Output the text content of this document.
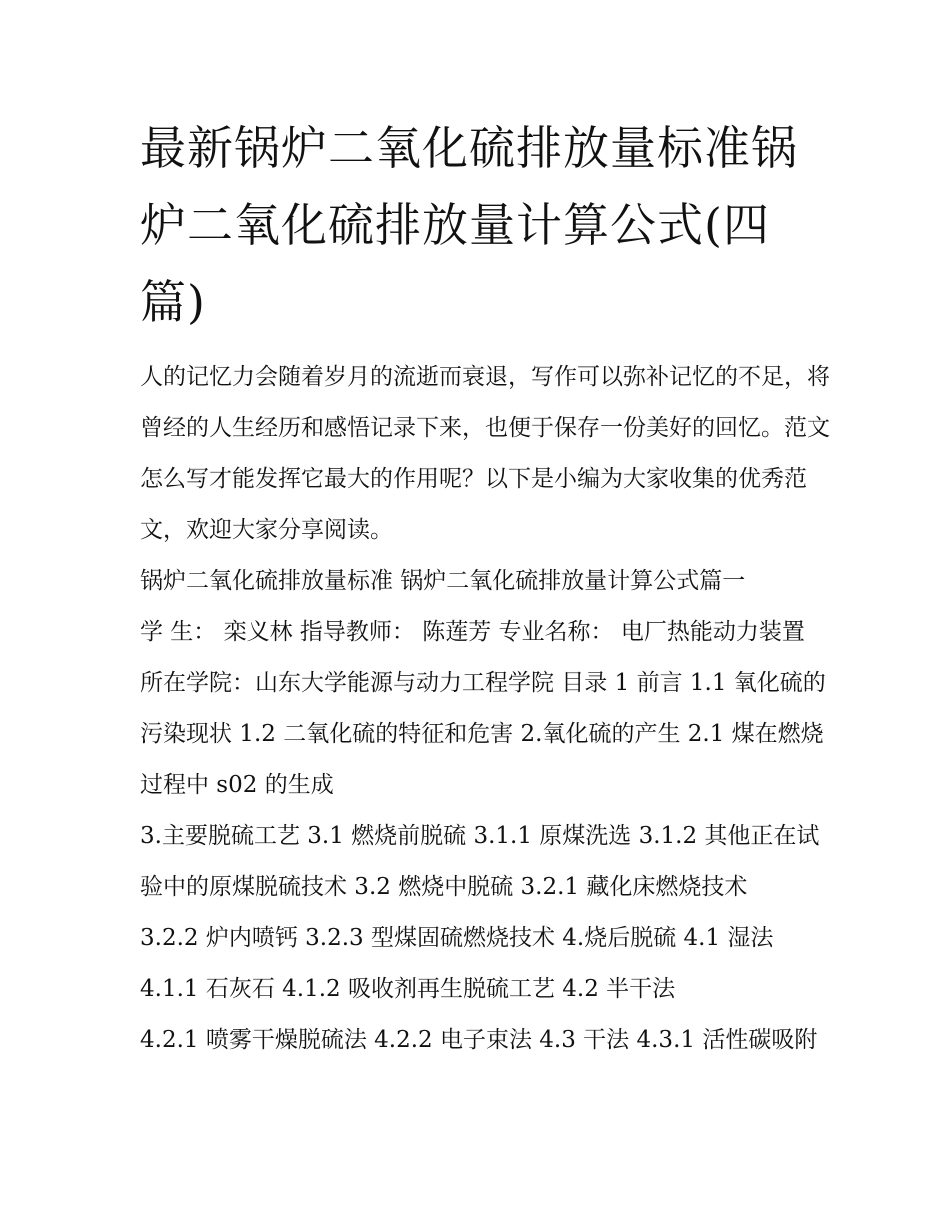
最新锅炉二氧化硫排放量标准锅炉二氧化硫排放量计算公式(四篇)

人的记忆力会随着岁月的流逝而衰退，写作可以弥补记忆的不足，将曾经的人生经历和感悟记录下来，也便于保存一份美好的回忆。范文怎么写才能发挥它最大的作用呢？以下是小编为大家收集的优秀范文，欢迎大家分享阅读。

锅炉二氧化硫排放量标准 锅炉二氧化硫排放量计算公式篇一

学 生： 栾义林 指导教师： 陈莲芳 专业名称： 电厂热能动力装置

所在学院：山东大学能源与动力工程学院 目录 1 前言 1.1 氧化硫的污染现状 1.2 二氧化硫的特征和危害 2.氧化硫的产生 2.1 煤在燃烧过程中 s02 的生成

3.主要脱硫工艺 3.1 燃烧前脱硫 3.1.1 原煤洗选 3.1.2 其他正在试验中的原煤脱硫技术 3.2 燃烧中脱硫 3.2.1 藏化床燃烧技术

3.2.2 炉内喷钙 3.2.3 型煤固硫燃烧技术 4.烧后脱硫 4.1 湿法 4.1.1 石灰石 4.1.2 吸收剂再生脱硫工艺 4.2 半干法

4.2.1 喷雾干燥脱硫法 4.2.2 电子束法 4.3 干法 4.3.1 活性碳吸附
